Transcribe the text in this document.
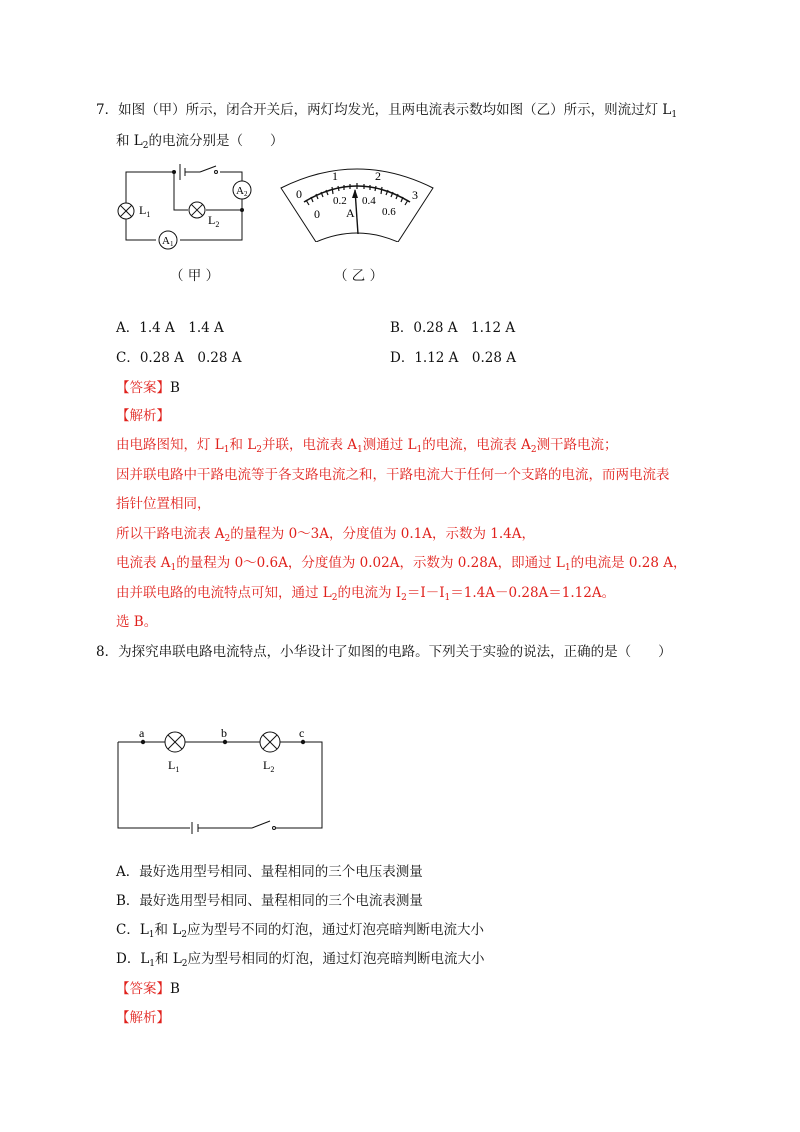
7．如图（甲）所示，闭合开关后，两灯均发光，且两电流表示数均如图（乙）所示，则流过灯 $L_1$
和 $L_2$的电流分别是（　　）
$L_1$	$L_2$
A2
A1
0
1	2
3
0
0.2 0.4
0.6
A
（ 甲 ）	（ 乙 ）
A．1.4 A　1.4 A	B．0.28 A　1.12 A
C．0.28 A　0.28 A	D．1.12 A　0.28 A
【答案】B
【解析】
由电路图知，灯 $L_1$和 $L_2$并联，电流表 $A_1$测通过 $L_1$的电流，电流表 $A_2$测干路电流；
因并联电路中干路电流等于各支路电流之和，干路电流大于任何一个支路的电流，而两电流表
指针位置相同，
所以干路电流表 $A_2$的量程为 0～3A，分度值为 0.1A，示数为 1.4A，
电流表 $A_1$的量程为 0～0.6A，分度值为 0.02A，示数为 0.28A，即通过 $L_1$的电流是 0.28 A，
由并联电路的电流特点可知，通过 $L_2$的电流为 $I_2=I-I_1=1.4A-0.28A=1.12A$。
选 B。
8．为探究串联电路电流特点，小华设计了如图的电路。下列关于实验的说法，正确的是（　　）
a	b	c
$L_1$	$L_2$
A．最好选用型号相同、量程相同的三个电压表测量
B．最好选用型号相同、量程相同的三个电流表测量
C．$L_1$和 $L_2$应为型号不同的灯泡，通过灯泡亮暗判断电流大小
D．$L_1$和 $L_2$应为型号相同的灯泡，通过灯泡亮暗判断电流大小
【答案】B
【解析】
